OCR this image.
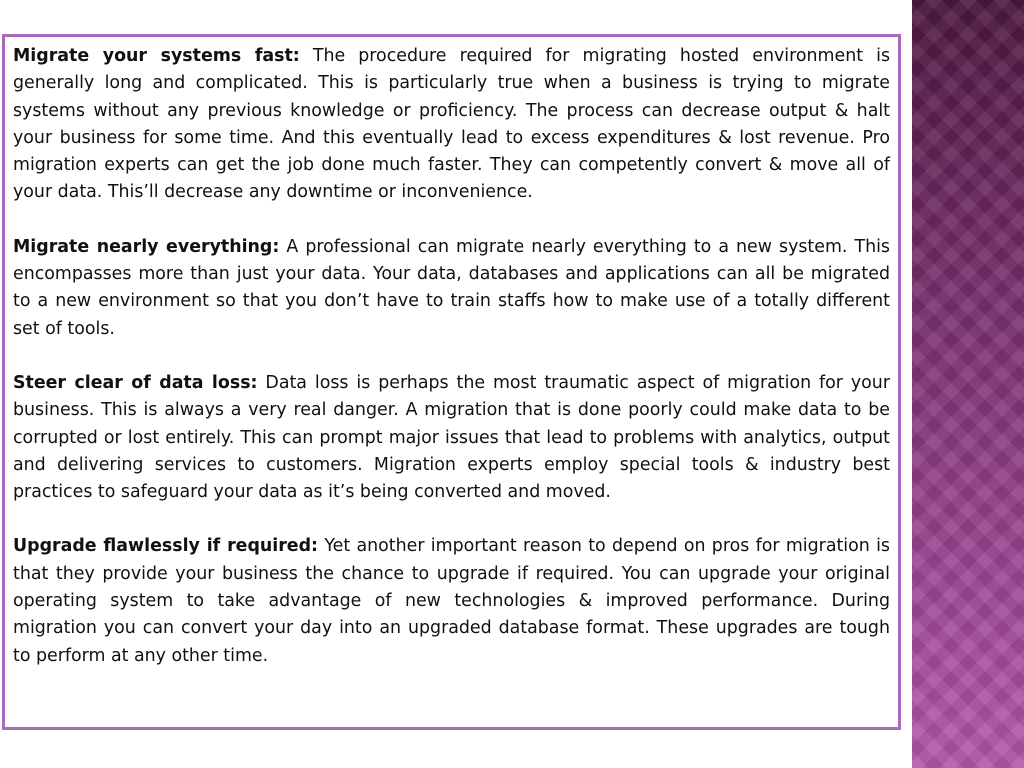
Migrate your systems fast: The procedure required for migrating hosted environment is generally long and complicated. This is particularly true when a business is trying to migrate systems without any previous knowledge or proficiency. The process can decrease output & halt your business for some time. And this eventually lead to excess expenditures & lost revenue. Pro migration experts can get the job done much faster. They can competently convert & move all of your data. This’ll decrease any downtime or inconvenience.

Migrate nearly everything: A professional can migrate nearly everything to a new system. This encompasses more than just your data. Your data, databases and applications can all be migrated to a new environment so that you don’t have to train staffs how to make use of a totally different set of tools.

Steer clear of data loss: Data loss is perhaps the most traumatic aspect of migration for your business. This is always a very real danger. A migration that is done poorly could make data to be corrupted or lost entirely. This can prompt major issues that lead to problems with analytics, output and delivering services to customers. Migration experts employ special tools & industry best practices to safeguard your data as it’s being converted and moved.

Upgrade flawlessly if required: Yet another important reason to depend on pros for migration is that they provide your business the chance to upgrade if required. You can upgrade your original operating system to take advantage of new technologies & improved performance. During migration you can convert your day into an upgraded database format. These upgrades are tough to perform at any other time.
